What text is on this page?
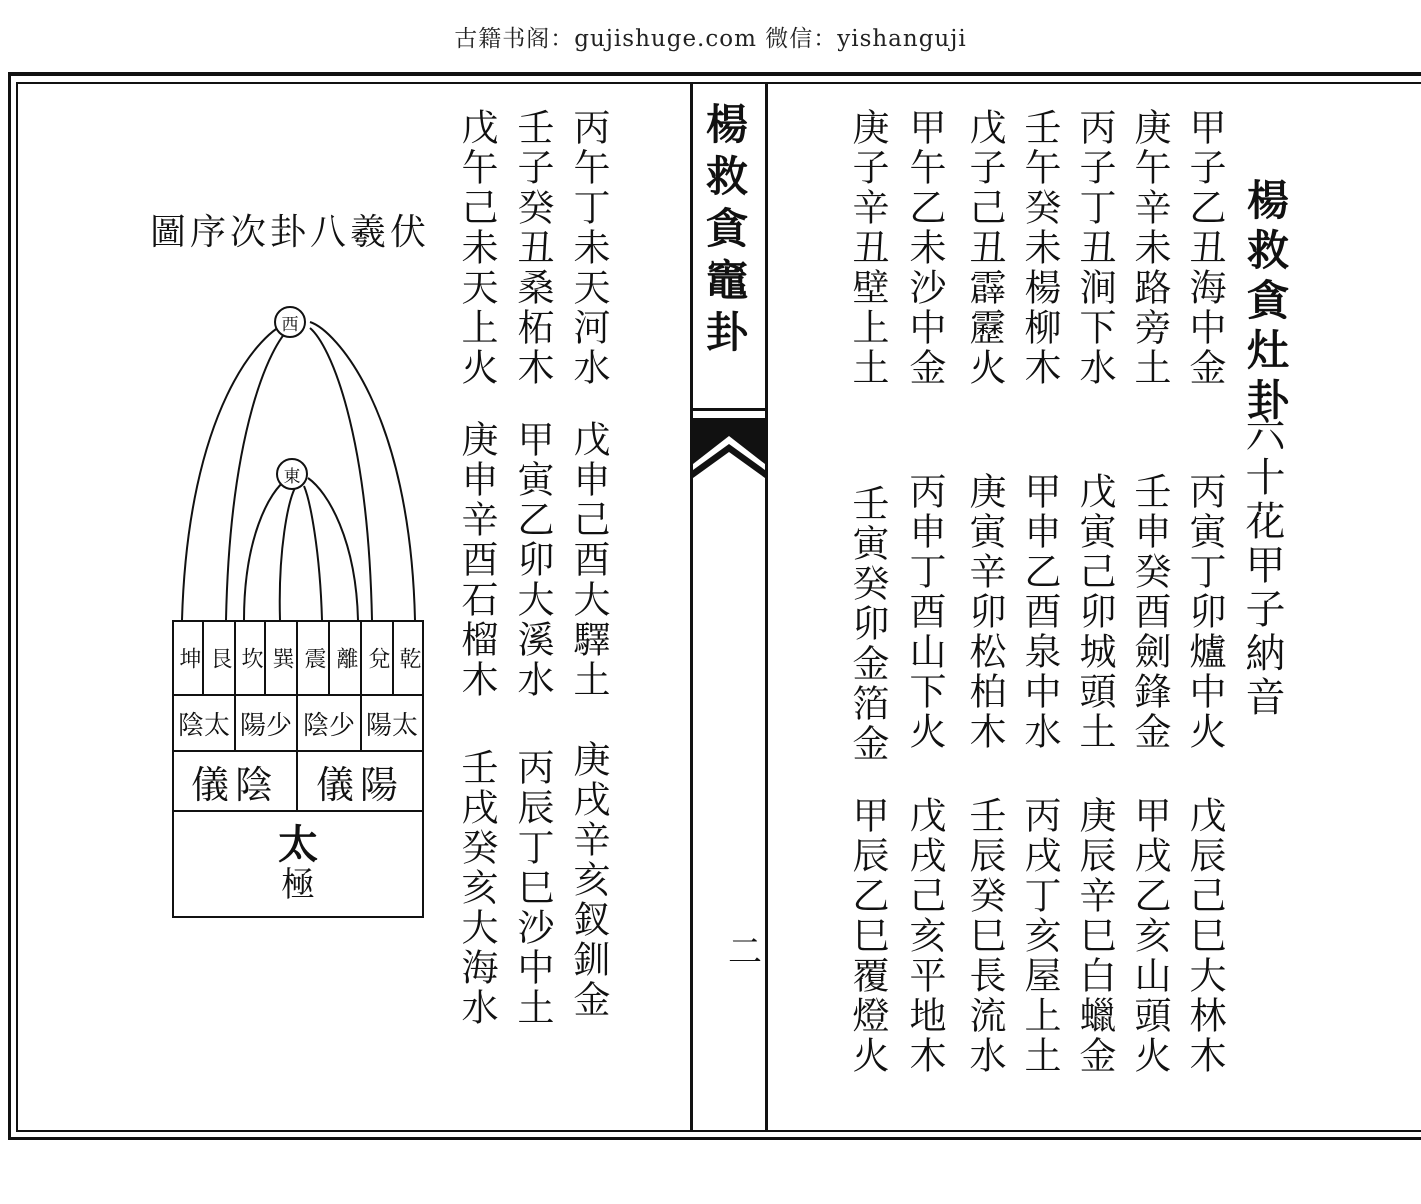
古籍书阁：gujishuge.com 微信：yishanguji
楊救貪竈卦
二
楊救貪灶卦
甲子乙丑海中金
庚午辛未路旁土
丙子丁丑涧下水
壬午癸未楊柳木
戊子己丑霹靂火
甲午乙未沙中金
庚子辛丑壁上土
六十花甲子納音
丙寅丁卯爐中火
壬申癸酉劍鋒金
戊寅己卯城頭土
甲申乙酉泉中水
庚寅辛卯松柏木
丙申丁酉山下火
壬寅癸卯金箔金
戊辰己巳大林木
甲戌乙亥山頭火
庚辰辛巳白蠟金
丙戌丁亥屋上土
壬辰癸巳長流水
戊戌己亥平地木
甲辰乙巳覆燈火
丙午丁未天河水
壬子癸丑桑柘木
戊午己未天上火
戊申己酉大驛土
甲寅乙卯大溪水
庚申辛酉石榴木
庚戌辛亥釵釧金
丙辰丁巳沙中土
壬戌癸亥大海水
伏羲八卦次序圖
西
東
坤 艮 坎 巽 震 離 兌 乾
太陰 少陽 少陰 太陽
陰儀 陽儀
太
極
